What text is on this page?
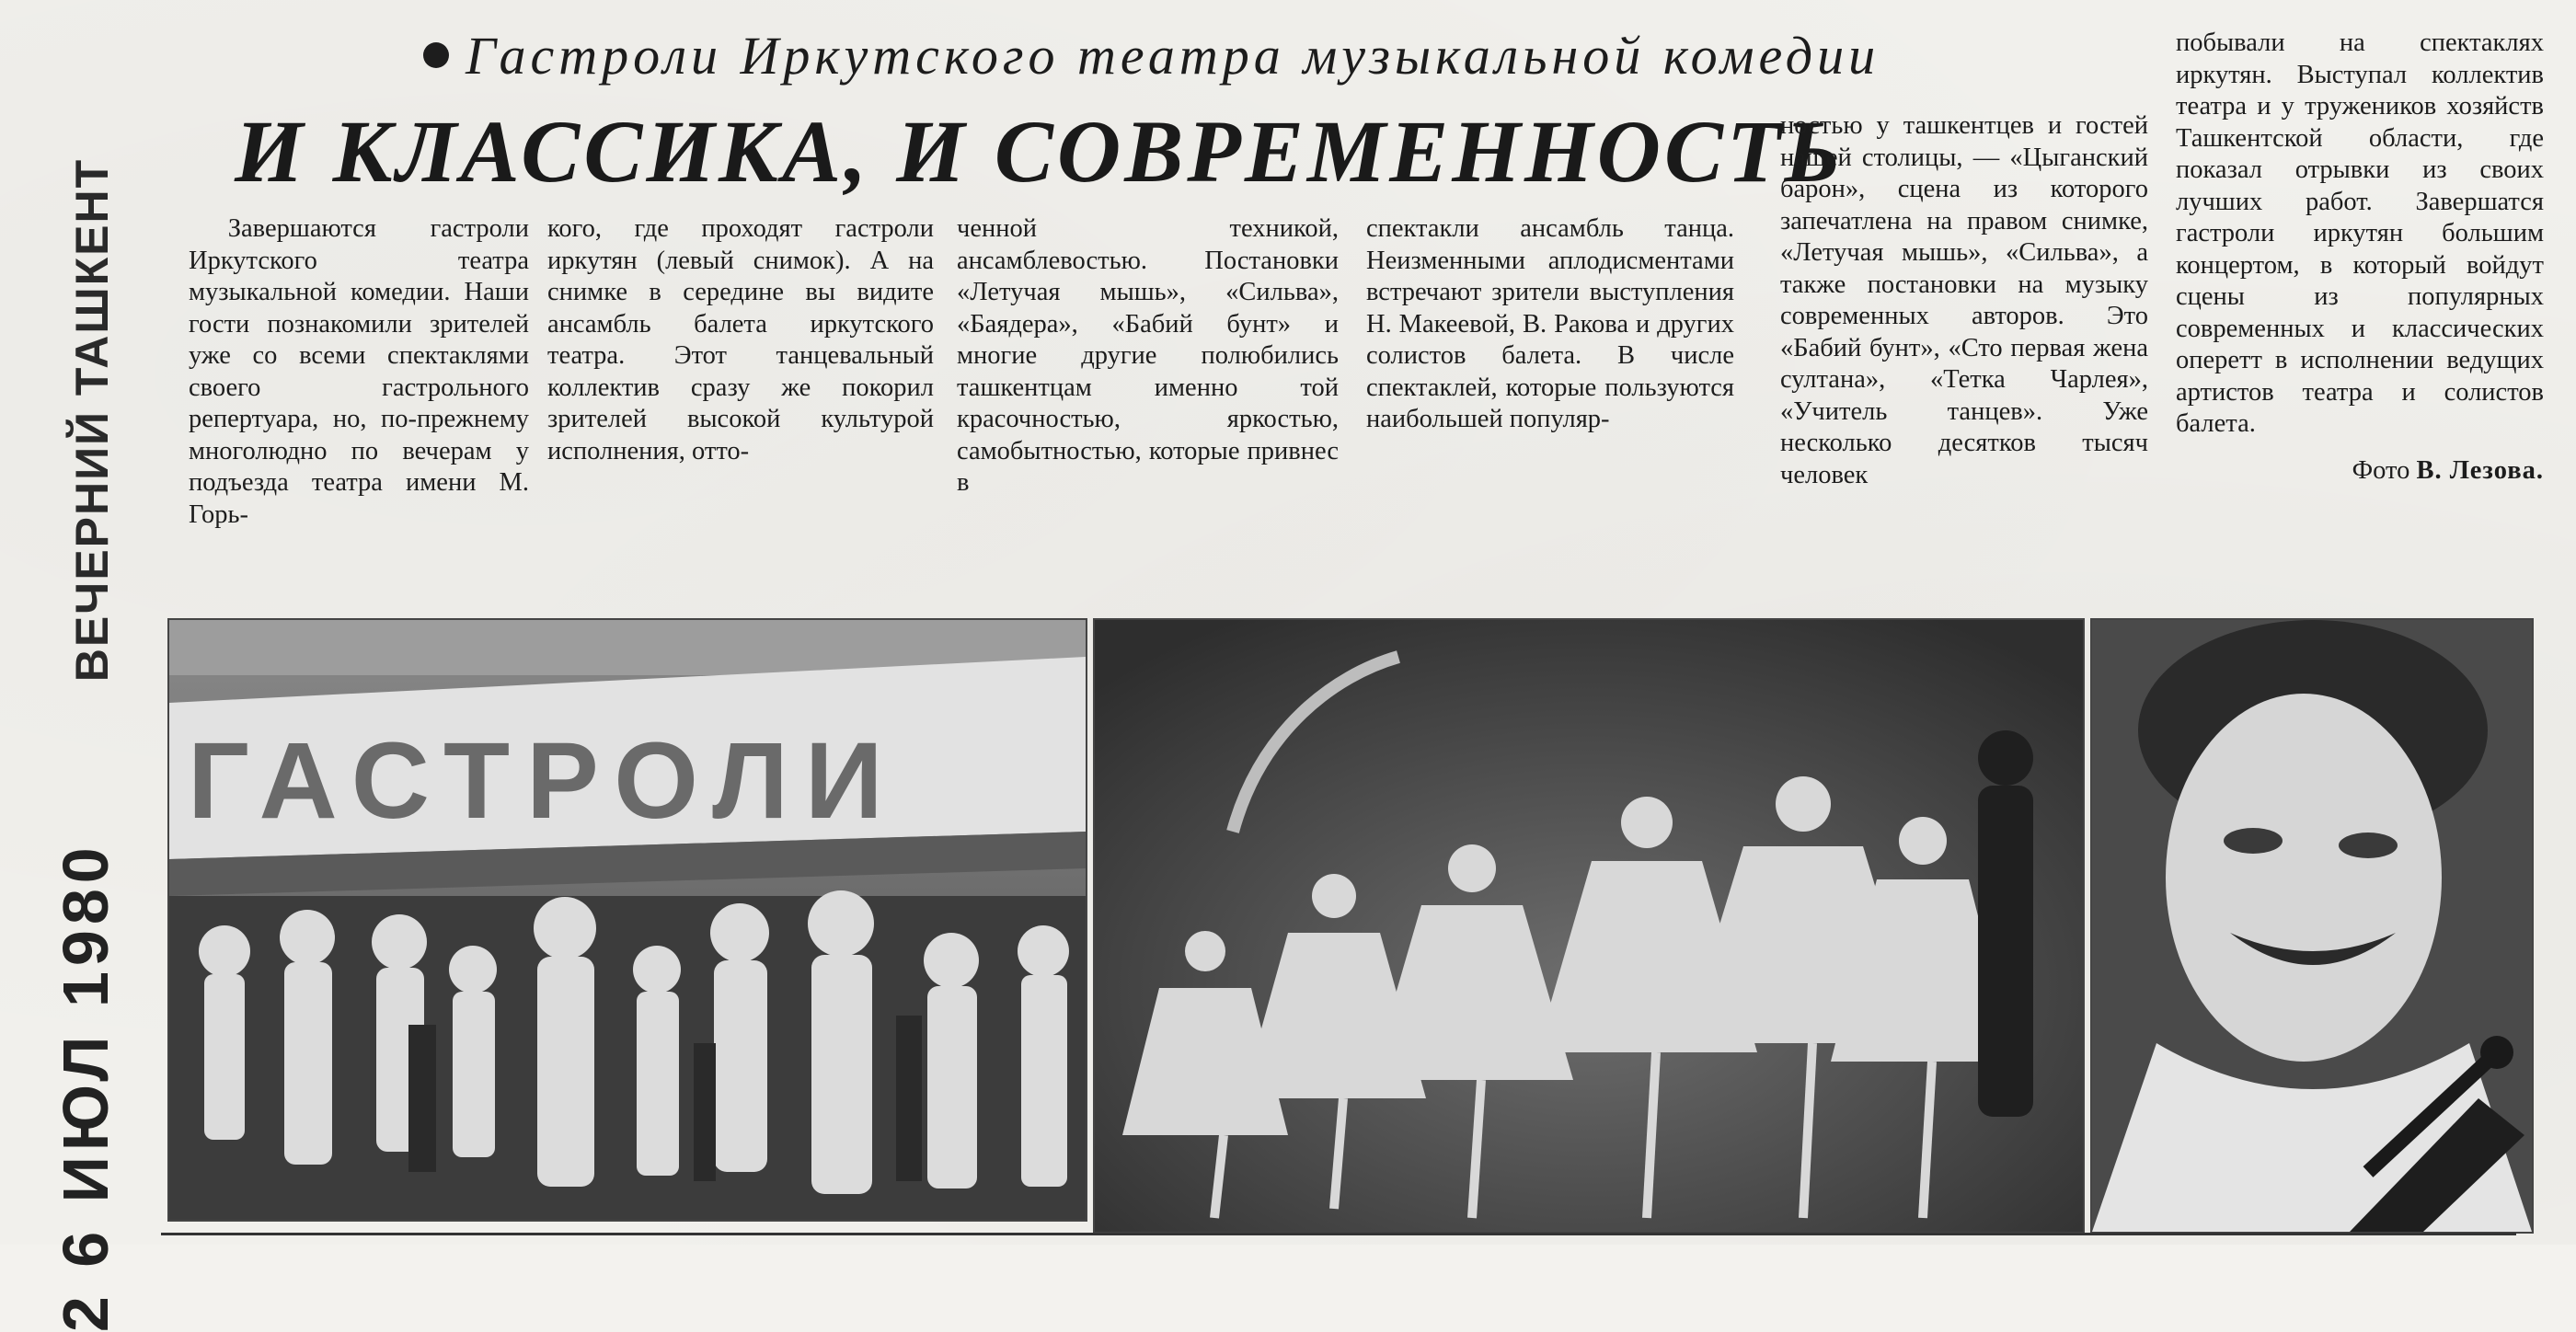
2 6 ИЮЛ 1980 ВЕЧЕРНИЙ ТАШКЕНТ
Гастроли Иркутского театра музыкальной комедии
И КЛАССИКА, И СОВРЕМЕННОСТЬ

Завершаются гастроли Иркутского театра музыкальной комедии. Наши гости познакомили зрителей уже со всеми спектаклями своего гастрольного репертуара, но, по-прежнему многолюдно по вечерам у подъезда театра имени М. Горь-

кого, где проходят гастроли иркутян (левый снимок). А на снимке в середине вы видите ансамбль балета иркутского театра. Этот танцевальный коллектив сразу же покорил зрителей высокой культурой исполнения, отто-

ченной техникой, ансамблевостью. Постановки «Летучая мышь», «Сильва», «Баядера», «Бабий бунт» и многие другие полюбились ташкентцам именно той красочностью, яркостью, самобытностью, которые привнес в

спектакли ансамбль танца. Неизменными аплодисментами встречают зрители выступления Н. Макеевой, В. Ракова и других солистов балета. В числе спектаклей, которые пользуются наибольшей популяр-

ностью у ташкентцев и гостей нашей столицы, — «Цыганский барон», сцена из которого запечатлена на правом снимке, «Летучая мышь», «Сильва», а также постановки на музыку современных авторов. Это «Бабий бунт», «Сто первая жена султана», «Тетка Чарлея», «Учитель танцев». Уже несколько десятков тысяч человек

побывали на спектаклях иркутян. Выступал коллектив театра и у тружеников хозяйств Ташкентской области, где показал отрывки из своих лучших работ. Завершатся гастроли иркутян большим концертом, в который войдут сцены из популярных современных и классических оперетт в исполнении ведущих артистов театра и солистов балета.

Фото В. Лезова.
ГАСТРОЛИ
